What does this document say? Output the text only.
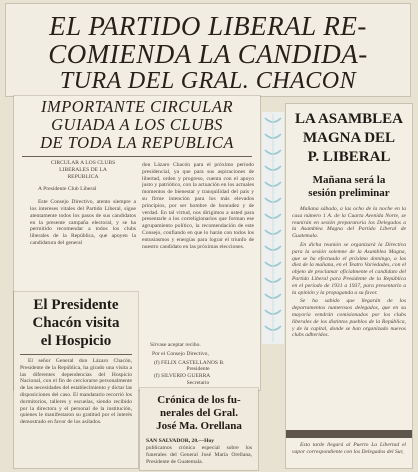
EL PARTIDO LIBERAL RE-
COMIENDA LA CANDIDA-
TURA DEL GRAL. CHACON
IMPORTANTE CIRCULAR
GUIADA A LOS CLUBS
DE TODA LA REPUBLICA
CIRCULAR A LOS CLUBS
LIBERALES DE LA
REPUBLICA
A Presidente Club Liberal
Este Consejo Directivo, atento siempre a los intereses vitales del Partido Liberal, sigue atentamente todos los pasos de sus candidatos en la presente campaña electoral, y se ha permitido recomendar a todos los clubs liberales de la República, que apoyen la candidatura del general
don Lázaro Chacón para el próximo período presidencial, ya que para sus aspiraciones de libertad, orden y progreso, cuenta con el apoyo justo y patriótico, con la actuación en los actuales momentos de bienestar y tranquilidad del país y su firme intención para los más elevados principios, por ser hombre de honradez y de verdad. En tal virtud, nos dirigimos a usted para presentarle a los correligionarios que forman ese agrupamiento político, la recomendación de este Consejo, confiando en que lo harán con todos los entusiasmos y energías para lograr el triunfo de nuestro candidato en las próximas elecciones.
Sírvase aceptar recibo.
Por el Consejo Directivo,
(f) FELIX CASTELLANOS B.
Presidente
(f) SILVERIO GUERRA
Secretario
El Presidente
Chacón visita
el Hospicio
El señor General don Lázaro Chacón, Presidente de la República, ha girado una visita a las diferentes dependencias del Hospicio Nacional, con el fin de cerciorarse personalmente de las necesidades del establecimiento y dictar las disposiciones del caso. El mandatario recorrió los dormitorios, talleres y escuelas, siendo recibido por la directora y el personal de la institución, quienes le manifestaron su gratitud por el interés demostrado en favor de los asilados.
Crónica de los fu-
nerales del Gral.
José Ma. Orellana
SAN SALVADOR, 20.—Hoy
publicamos crónica especial sobre los funerales del General José María Orellana, Presidente de Guatemala.
LA ASAMBLEA
MAGNA DEL
P. LIBERAL
Mañana será la
sesión preliminar
Mañana sábado, a las ocho de la noche en la casa número 1 A. de la Cuarta Avenida Norte, se reunirán en sesión preparatoria los Delegados a la Asamblea Magna del Partido Liberal de Guatemala.
En dicha reunión se organizará la Directiva para la sesión solemne de la Asamblea Magna, que se ha efectuado el próximo domingo, a las diez de la mañana, en el Teatro Variedades, con el objeto de proclamar oficialmente el candidato del Partido Liberal para Presidente de la República en el período de 1931 a 1937, para presentarlo a la opinión y la propaganda a su favor.
Se ha sabido que llegarán de los departamentos numerosos delegados, que en su mayoría vendrán comisionados por los clubs liberales de los distintos pueblos de la República, y de la capital, donde se han organizado nuevos clubs adheridos.
Esta tarde llegará al Puerto La Libertad el vapor correspondiente con los Delegados del Sur,
